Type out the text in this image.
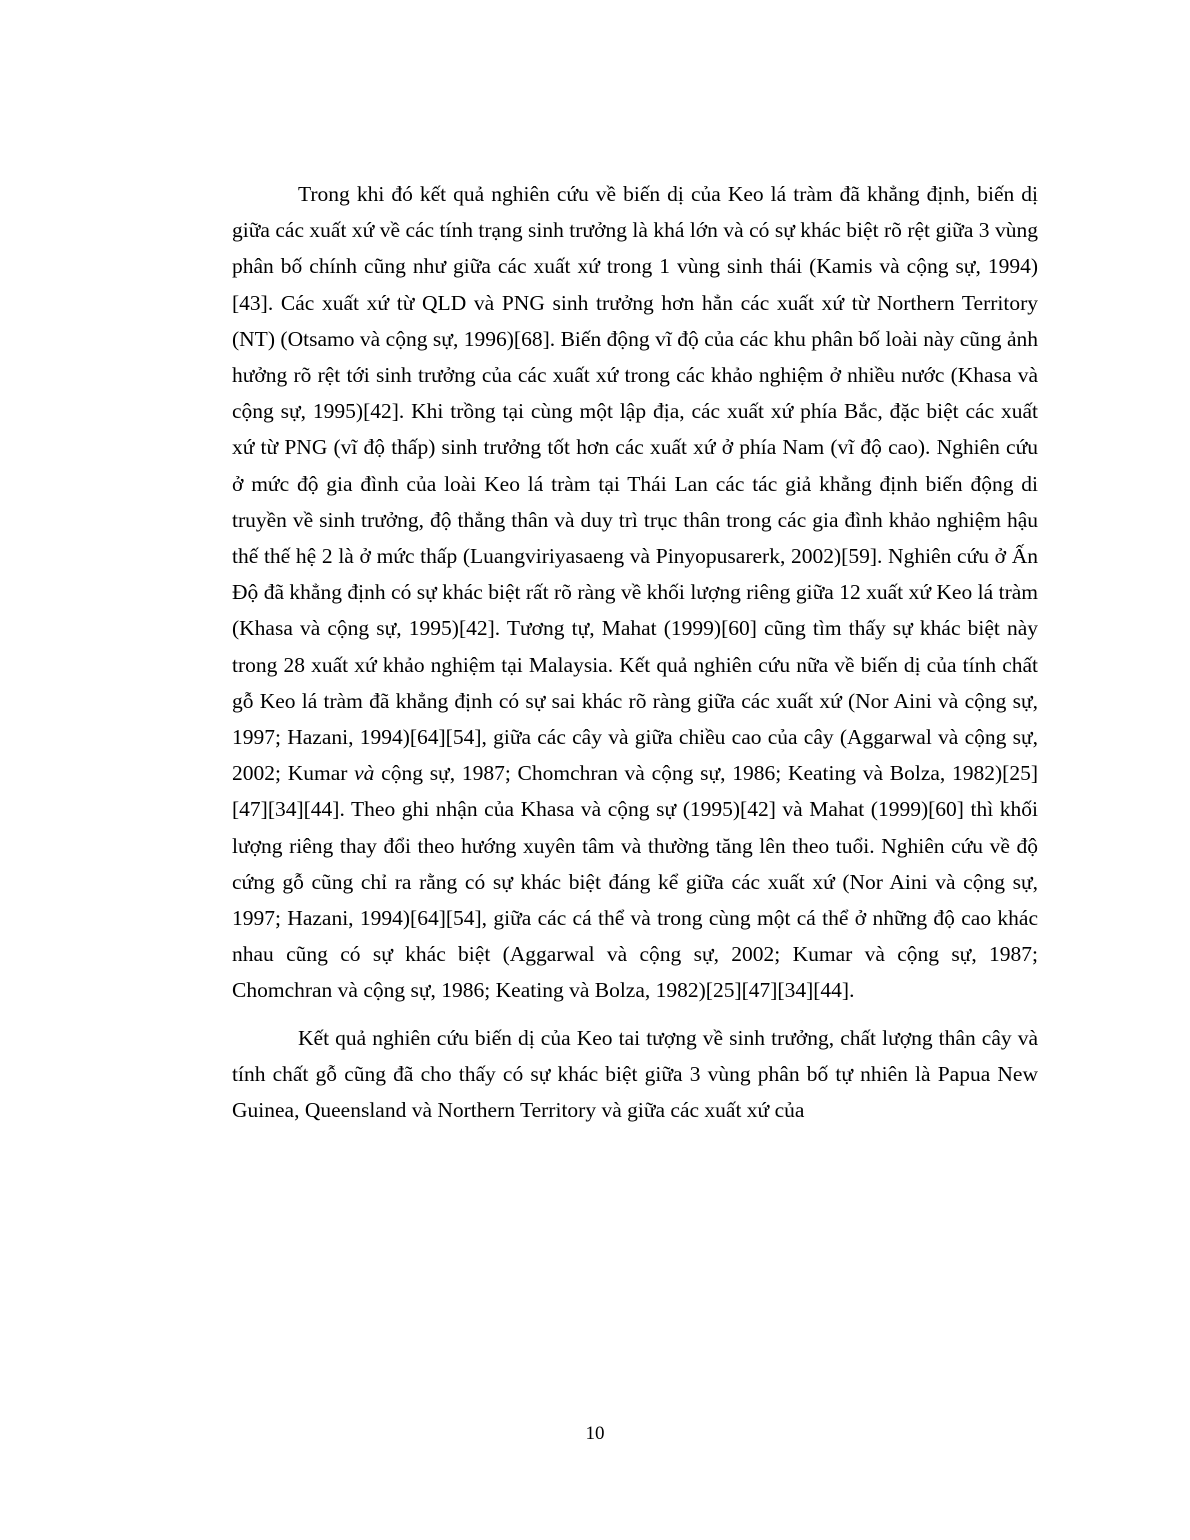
Trong khi đó kết quả nghiên cứu về biến dị của Keo lá tràm đã khẳng định, biến dị giữa các xuất xứ về các tính trạng sinh trưởng là khá lớn và có sự khác biệt rõ rệt giữa 3 vùng phân bố chính cũng như giữa các xuất xứ trong 1 vùng sinh thái (Kamis và cộng sự, 1994)[43]. Các xuất xứ từ QLD và PNG sinh trưởng hơn hẳn các xuất xứ từ Northern Territory (NT) (Otsamo và cộng sự, 1996)[68]. Biến động vĩ độ của các khu phân bố loài này cũng ảnh hưởng rõ rệt tới sinh trưởng của các xuất xứ trong các khảo nghiệm ở nhiều nước (Khasa và cộng sự, 1995)[42]. Khi trồng tại cùng một lập địa, các xuất xứ phía Bắc, đặc biệt các xuất xứ từ PNG (vĩ độ thấp) sinh trưởng tốt hơn các xuất xứ ở phía Nam (vĩ độ cao). Nghiên cứu ở mức độ gia đình của loài Keo lá tràm tại Thái Lan các tác giả khẳng định biến động di truyền về sinh trưởng, độ thẳng thân và duy trì trục thân trong các gia đình khảo nghiệm hậu thế thế hệ 2 là ở mức thấp (Luangviriyasaeng và Pinyopusarerk, 2002)[59]. Nghiên cứu ở Ấn Độ đã khẳng định có sự khác biệt rất rõ ràng về khối lượng riêng giữa 12 xuất xứ Keo lá tràm (Khasa và cộng sự, 1995)[42]. Tương tự, Mahat (1999)[60] cũng tìm thấy sự khác biệt này trong 28 xuất xứ khảo nghiệm tại Malaysia. Kết quả nghiên cứu nữa về biến dị của tính chất gỗ Keo lá tràm đã khẳng định có sự sai khác rõ ràng giữa các xuất xứ (Nor Aini và cộng sự, 1997; Hazani, 1994)[64][54], giữa các cây và giữa chiều cao của cây (Aggarwal và cộng sự, 2002; Kumar và cộng sự, 1987; Chomchran và cộng sự, 1986; Keating và Bolza, 1982)[25][47][34][44]. Theo ghi nhận của Khasa và cộng sự (1995)[42] và Mahat (1999)[60] thì khối lượng riêng thay đổi theo hướng xuyên tâm và thường tăng lên theo tuổi. Nghiên cứu về độ cứng gỗ cũng chỉ ra rằng có sự khác biệt đáng kể giữa các xuất xứ (Nor Aini và cộng sự, 1997; Hazani, 1994)[64][54], giữa các cá thể và trong cùng một cá thể ở những độ cao khác nhau cũng có sự khác biệt (Aggarwal và cộng sự, 2002; Kumar và cộng sự, 1987; Chomchran và cộng sự, 1986; Keating và Bolza, 1982)[25][47][34][44].

Kết quả nghiên cứu biến dị của Keo tai tượng về sinh trưởng, chất lượng thân cây và tính chất gỗ cũng đã cho thấy có sự khác biệt giữa 3 vùng phân bố tự nhiên là Papua New Guinea, Queensland và Northern Territory và giữa các xuất xứ của

10
